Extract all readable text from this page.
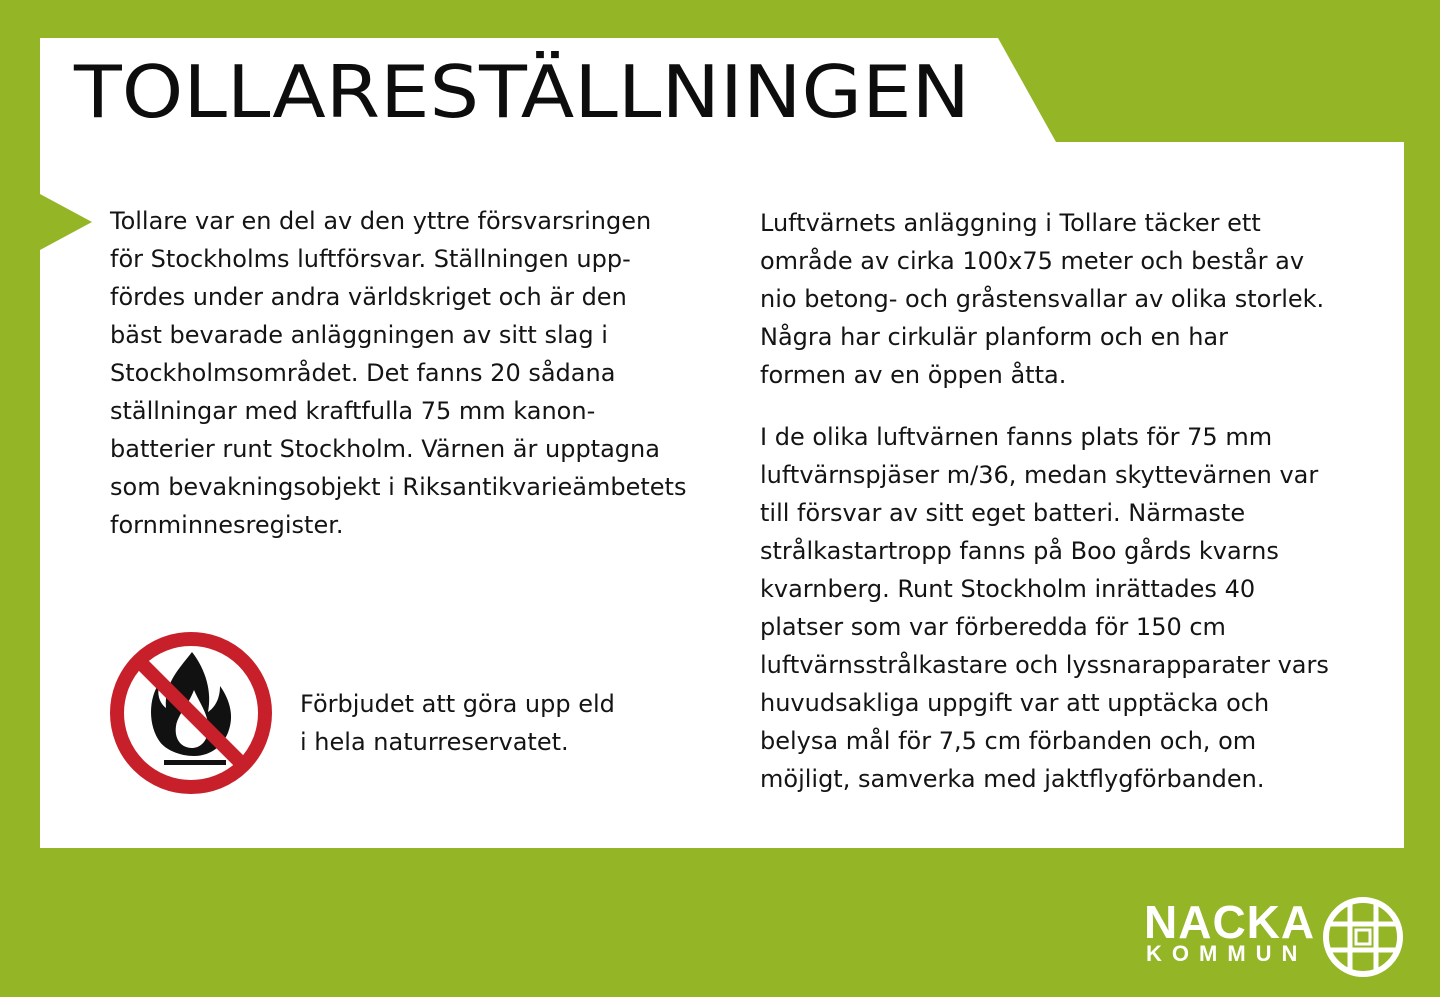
TOLLARESTÄLLNINGEN

Tollare var en del av den yttre försvarsringen
för Stockholms luftförsvar. Ställningen upp-
fördes under andra världskriget och är den
bäst bevarade anläggningen av sitt slag i
Stockholmsområdet. Det fanns 20 sådana
ställningar med kraftfulla 75 mm kanon-
batterier runt Stockholm. Värnen är upptagna
som bevakningsobjekt i Riksantikvarieämbetets
fornminnesregister.

Luftvärnets anläggning i Tollare täcker ett
område av cirka 100x75 meter och består av
nio betong- och gråstensvallar av olika storlek.
Några har cirkulär planform och en har
formen av en öppen åtta.

I de olika luftvärnen fanns plats för 75 mm
luftvärnspjäser m/36, medan skyttevärnen var
till försvar av sitt eget batteri. Närmaste
strålkastartropp fanns på Boo gårds kvarns
kvarnberg. Runt Stockholm inrättades 40
platser som var förberedda för 150 cm
luftvärnsstrålkastare och lyssnarapparater vars
huvudsakliga uppgift var att upptäcka och
belysa mål för 7,5 cm förbanden och, om
möjligt, samverka med jaktflygförbanden.

Förbjudet att göra upp eld
i hela naturreservatet.
NACKA
KOMMUN
